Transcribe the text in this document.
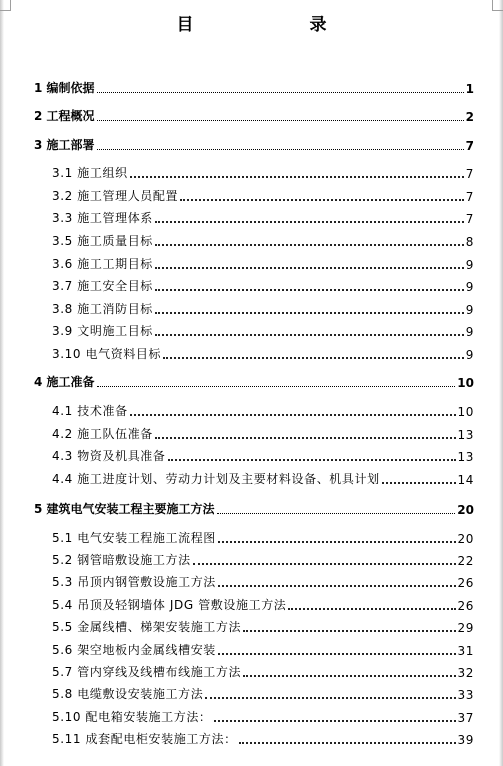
目 录
1 编制依据	1
2 工程概况	2
3 施工部署	7
3.1 施工组织	7
3.2 施工管理人员配置	7
3.3 施工管理体系	7
3.5 施工质量目标	8
3.6 施工工期目标	9
3.7 施工安全目标	9
3.8 施工消防目标	9
3.9 文明施工目标	9
3.10 电气资料目标	9
4 施工准备	10
4.1 技术准备	10
4.2 施工队伍准备	13
4.3 物资及机具准备	13
4.4 施工进度计划、劳动力计划及主要材料设备、机具计划	14
5 建筑电气安装工程主要施工方法	20
5.1 电气安装工程施工流程图	20
5.2 钢管暗敷设施工方法	22
5.3 吊顶内钢管敷设施工方法	26
5.4 吊顶及轻钢墙体 JDG 管敷设施工方法	26
5.5 金属线槽、梯架安装施工方法	29
5.6 架空地板内金属线槽安装	31
5.7 管内穿线及线槽布线施工方法	32
5.8 电缆敷设安装施工方法	33
5.10 配电箱安装施工方法：	37
5.11 成套配电柜安装施工方法：	39
